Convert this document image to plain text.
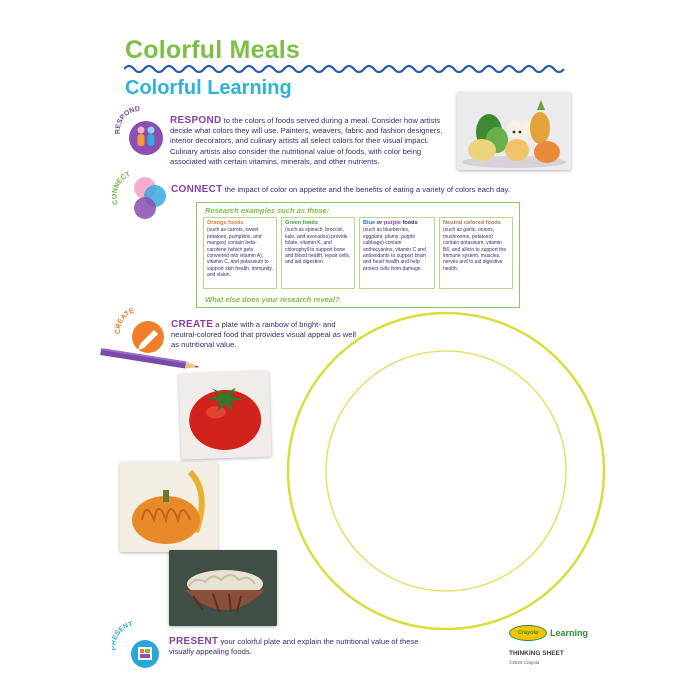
Colorful Meals
Colorful Learning
RESPOND
RESPOND to the colors of foods served during a meal. Consider how artists decide what colors they will use. Painters, weavers, fabric and fashion designers, interior decorators, and culinary artists all select colors for their visual impact. Culinary artists also consider the nutritional value of foods, with color being associated with certain vitamins, minerals, and other nutrients.
CONNECT
CONNECT the impact of color on appetite and the benefits of eating a variety of colors each day.
Research examples such as these:
Orange foods
(such as carrots, sweet potatoes, pumpkins, and mangos) contain beta-carotene (which gets converted into vitamin A), vitamin C, and potassium to support skin health, immunity, and vision.
Green foods
(such as spinach, broccoli, kale, and avocados) provide folate, vitamin K, and chlorophyll to support bone and blood health, repair cells, and aid digestion.
Blue or purple foods
(such as blueberries, eggplant, plums, purple cabbage) contain anthocyanins, vitamin C and antioxidants to support brain and heart health and help protect cells from damage.
Neutral colored foods
(such as garlic, onions, mushrooms, potatoes) contain potassium, vitamin B6, and allicin to support the immune system, muscles, nerves and to aid digestive health.
What else does your research reveal?
CREATE
CREATE a plate with a rainbow of bright- and neutral-colored food that provides visual appeal as well as nutritional value.
ESENT
PRESENT your colorful plate and explain the nutritional value of these visually appealing foods.
Crayola Learning
THINKING SHEET
©2024 Crayola
